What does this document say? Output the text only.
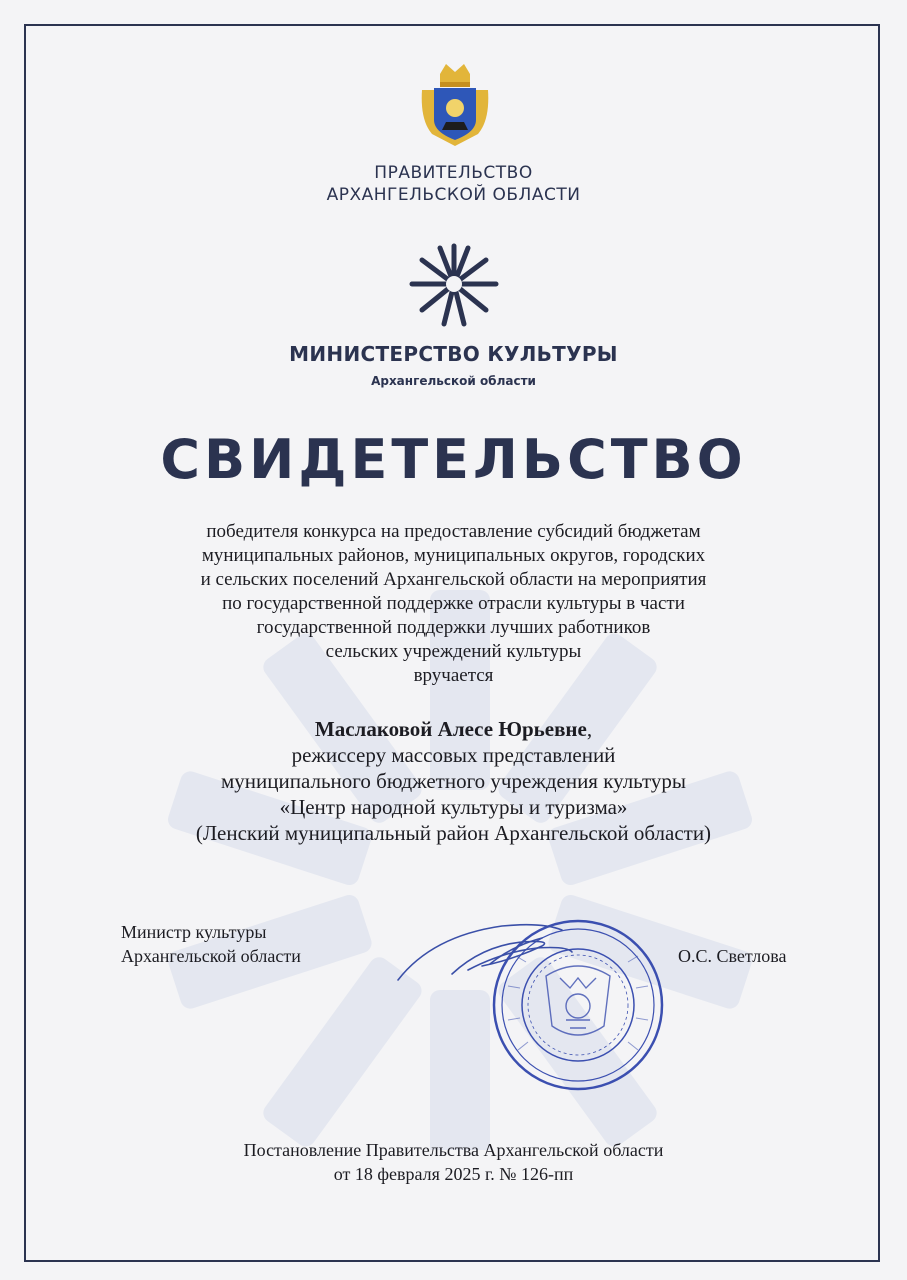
ПРАВИТЕЛЬСТВО
АРХАНГЕЛЬСКОЙ ОБЛАСТИ
МИНИСТЕРСТВО КУЛЬТУРЫ
Архангельской области
СВИДЕТЕЛЬСТВО
победителя конкурса на предоставление субсидий бюджетам
муниципальных районов, муниципальных округов, городских
и сельских поселений Архангельской области на мероприятия
по государственной поддержке отрасли культуры в части
государственной поддержки лучших работников
сельских учреждений культуры
вручается
Маслаковой Алесе Юрьевне,
режиссеру массовых представлений
муниципального бюджетного учреждения культуры
«Центр народной культуры и туризма»
(Ленский муниципальный район Архангельской области)
Министр культуры
Архангельской области	О.С. Светлова
Постановление Правительства Архангельской области
от 18 февраля 2025 г. № 126-пп
